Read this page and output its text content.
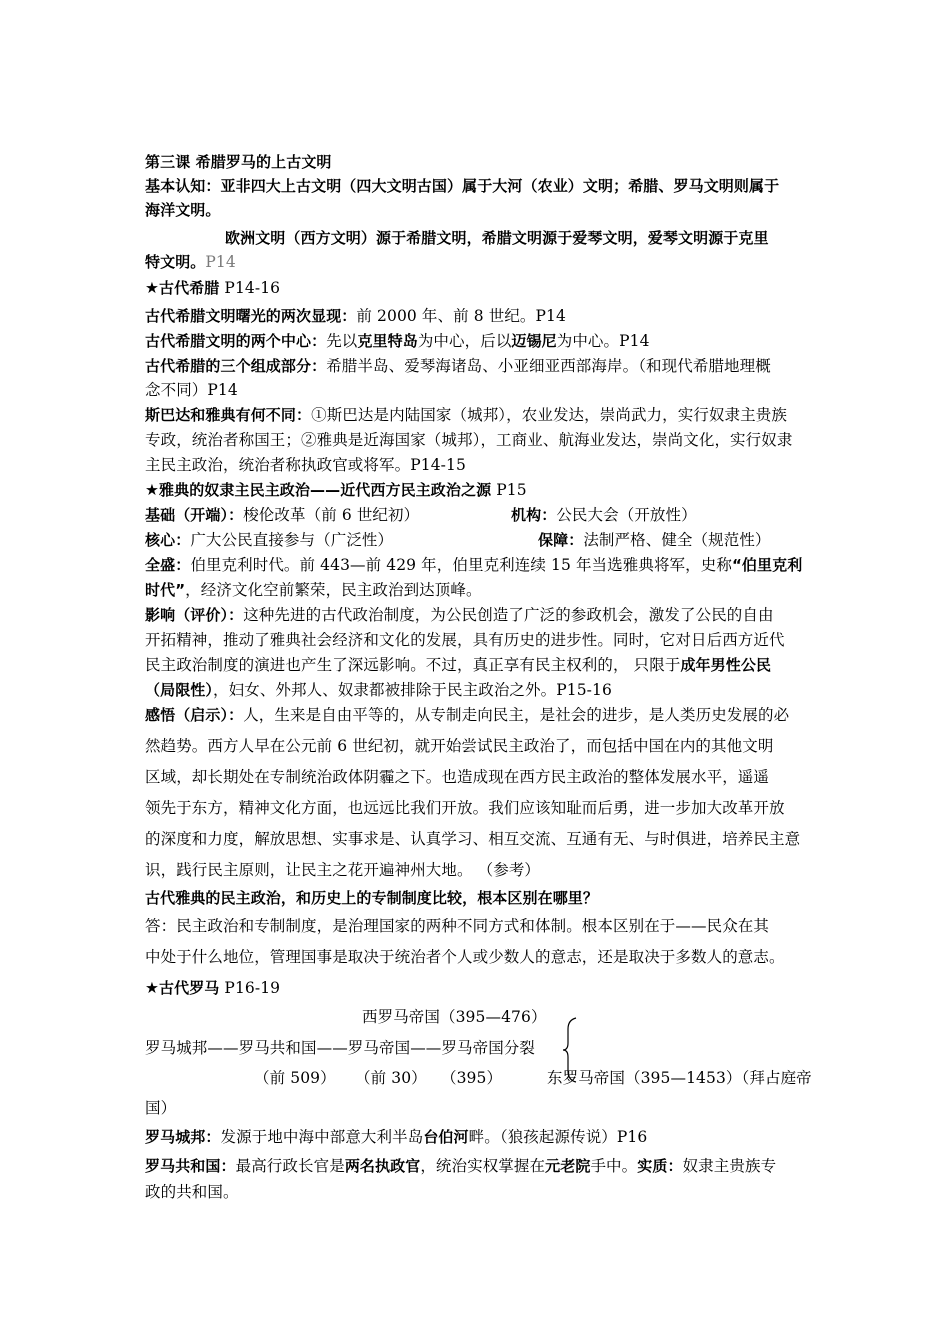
第三课 希腊罗马的上古文明
基本认知：亚非四大上古文明（四大文明古国）属于大河（农业）文明；希腊、罗马文明则属于
海洋文明。
欧洲文明（西方文明）源于希腊文明，希腊文明源于爱琴文明，爱琴文明源于克里
特文明。P14
★古代希腊 P14-16
古代希腊文明曙光的两次显现：前 2000 年、前 8 世纪。P14
古代希腊文明的两个中心：先以克里特岛为中心，后以迈锡尼为中心。P14
古代希腊的三个组成部分：希腊半岛、爱琴海诸岛、小亚细亚西部海岸。（和现代希腊地理概
念不同）P14
斯巴达和雅典有何不同：①斯巴达是内陆国家（城邦），农业发达，崇尚武力，实行奴隶主贵族
专政，统治者称国王；②雅典是近海国家（城邦），工商业、航海业发达，崇尚文化，实行奴隶
主民主政治，统治者称执政官或将军。P14-15
★雅典的奴隶主民主政治——近代西方民主政治之源 P15
基础（开端）：梭伦改革（前 6 世纪初）	机构：公民大会（开放性）
核心：广大公民直接参与（广泛性）	保障：法制严格、健全（规范性）
全盛：伯里克利时代。前 443—前 429 年，伯里克利连续 15 年当选雅典将军，史称“伯里克利
时代”，经济文化空前繁荣，民主政治到达顶峰。
影响（评价）：这种先进的古代政治制度，为公民创造了广泛的参政机会，激发了公民的自由
开拓精神，推动了雅典社会经济和文化的发展，具有历史的进步性。同时，它对日后西方近代
民主政治制度的演进也产生了深远影响。不过，真正享有民主权利的， 只限于成年男性公民
（局限性），妇女、外邦人、奴隶都被排除于民主政治之外。P15-16
感悟（启示）：人，生来是自由平等的，从专制走向民主，是社会的进步，是人类历史发展的必
然趋势。西方人早在公元前 6 世纪初，就开始尝试民主政治了，而包括中国在内的其他文明
区域，却长期处在专制统治政体阴霾之下。也造成现在西方民主政治的整体发展水平，遥遥
领先于东方，精神文化方面，也远远比我们开放。我们应该知耻而后勇，进一步加大改革开放
的深度和力度，解放思想、实事求是、认真学习、相互交流、互通有无、与时俱进，培养民主意
识，践行民主原则，让民主之花开遍神州大地。 （参考）
古代雅典的民主政治，和历史上的专制制度比较，根本区别在哪里？
答：民主政治和专制制度，是治理国家的两种不同方式和体制。根本区别在于——民众在其
中处于什么地位，管理国事是取决于统治者个人或少数人的意志，还是取决于多数人的意志。
★古代罗马 P16-19
西罗马帝国（395—476）
罗马城邦——罗马共和国——罗马帝国——罗马帝国分裂
（前 509） （前 30） （395）	东罗马帝国（395—1453）（拜占庭帝
国）
罗马城邦：发源于地中海中部意大利半岛台伯河畔。（狼孩起源传说）P16
罗马共和国：最高行政长官是两名执政官，统治实权掌握在元老院手中。实质：奴隶主贵族专
政的共和国。
